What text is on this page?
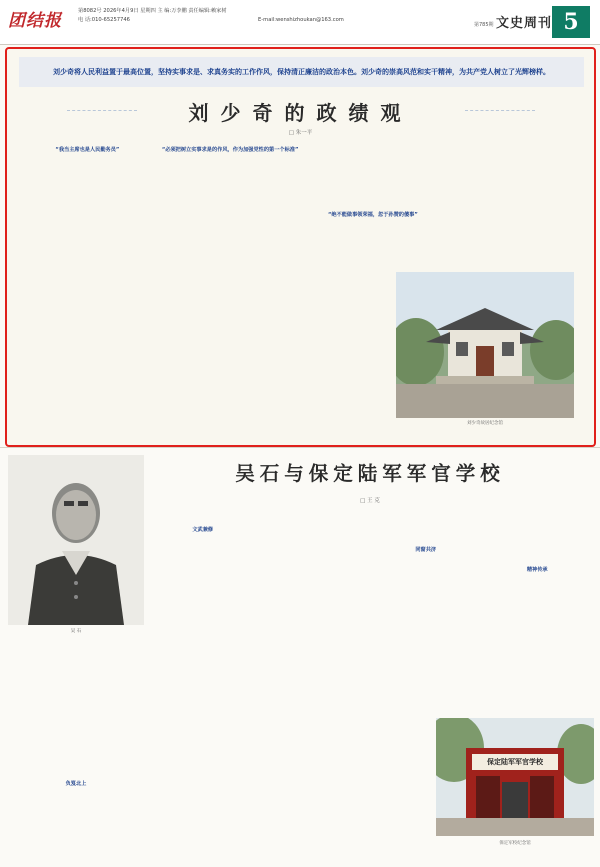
团结报	第8082号 2026年4月9日 星期四 主 编:万李鹏 责任编辑:赖家树
电 话:010-65257746	E-mail:wenshizhoukan@163.com
第785期 文史周刊 5
刘少奇将人民利益置于最高位置，坚持实事求是、求真务实的工作作风，保持清正廉洁的政治本色。刘少奇的崇高风范和实干精神，为共产党人树立了光辉榜样。
刘少奇的政绩观
□ 朱一平
“我当主席也是人民勤务员”	“必须把树立实事求是的作风，作为加强党性的第一个标准”
“绝不能做事领荣福，忽于孙赞的傻事”
刘少奇故居纪念馆
吴 石
吴石与保定陆军军官学校
□ 王 克
负笈北上
文武兼修
同窗共济
精神传承
保定陆军军官学校
保定军校纪念馆
